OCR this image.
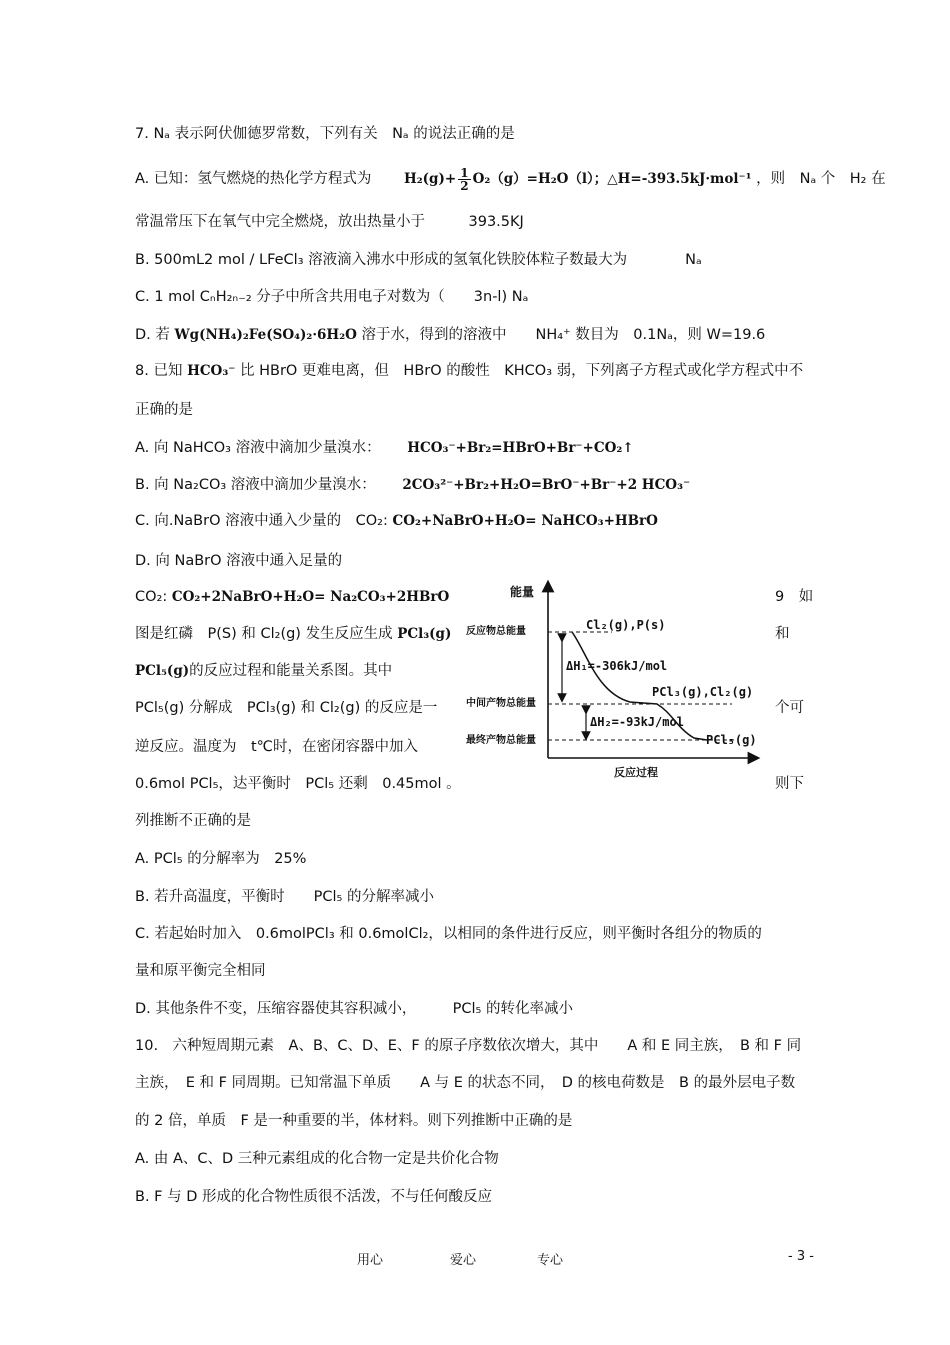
7. Nₐ 表示阿伏伽德罗常数，下列有关　Nₐ 的说法正确的是
A. 已知：氢气燃烧的热化学方程式为 $H_2(g)+ \frac{1}{2} O_2(g)=H_2O(l)$；△H=-393.5kJ·mol⁻¹ ，则　Nₐ 个　H₂ 在
常温常压下在氧气中完全燃烧，放出热量小于　　　393.5KJ
B. 500mL2 mol / LFeCl₃ 溶液滴入沸水中形成的氢氧化铁胶体粒子数最大为　　　　Nₐ
C. 1 mol CₙH₂ₙ₋₂ 分子中所含共用电子对数为（　　3n-l) Nₐ
D. 若 Wg(NH₄)₂Fe(SO₄)₂·6H₂O 溶于水，得到的溶液中　　NH₄⁺ 数目为　0.1Nₐ，则 W=19.6
8. 已知 HCO₃⁻ 比 HBrO 更难电离，但　HBrO 的酸性　KHCO₃ 弱，下列离子方程式或化学方程式中不
正确的是
A. 向 NaHCO₃ 溶液中滴加少量溴水： HCO₃⁻+Br₂=HBrO+Br⁻+CO₂↑
B. 向 Na₂CO₃ 溶液中滴加少量溴水： 2CO₃²⁻+Br₂+H₂O=BrO⁻+Br⁻+2 HCO₃⁻
C. 向.NaBrO 溶液中通入少量的　CO₂: CO₂+NaBrO+H₂O= NaHCO₃+HBrO
D. 向 NaBrO 溶液中通入足量的
CO₂: CO₂+2NaBrO+H₂O= Na₂CO₃+2HBrO	9　如
图是红磷　P(S) 和 Cl₂(g) 发生反应生成 PCl₃(g)	和
PCl₅(g)的反应过程和能量关系图。其中
PCl₅(g) 分解成　PCl₃(g) 和 Cl₂(g) 的反应是一	个可
逆反应。温度为　t℃时，在密闭容器中加入
0.6mol PCl₅，达平衡时　PCl₅ 还剩　0.45mol 。	则下
列推断不正确的是
A. PCl₅ 的分解率为　25%
B. 若升高温度，平衡时　　PCl₅ 的分解率减小
C. 若起始时加入　0.6molPCl₃ 和 0.6molCl₂，以相同的条件进行反应，则平衡时各组分的物质的
量和原平衡完全相同
D. 其他条件不变，压缩容器使其容积减小，　　　PCl₅ 的转化率减小
能量
反应过程
反应物总能量
中间产物总能量
最终产物总能量
Cl₂(g),P(s)
ΔH₁=-306kJ/mol
PCl₃(g),Cl₂(g)
ΔH₂=-93kJ/mol
PCl₅(g)
10.　六种短周期元素　A、B、C、D、E、F 的原子序数依次增大，其中　　A 和 E 同主族，　B 和 F 同
主族，　E 和 F 同周期。已知常温下单质　　A 与 E 的状态不同，　D 的核电荷数是　B 的最外层电子数
的 2 倍，单质　F 是一种重要的半，体材料。则下列推断中正确的是
A. 由 A、C、D 三种元素组成的化合物一定是共价化合物
B. F 与 D 形成的化合物性质很不活泼，不与任何酸反应
用心	爱心	专心	- 3 -
